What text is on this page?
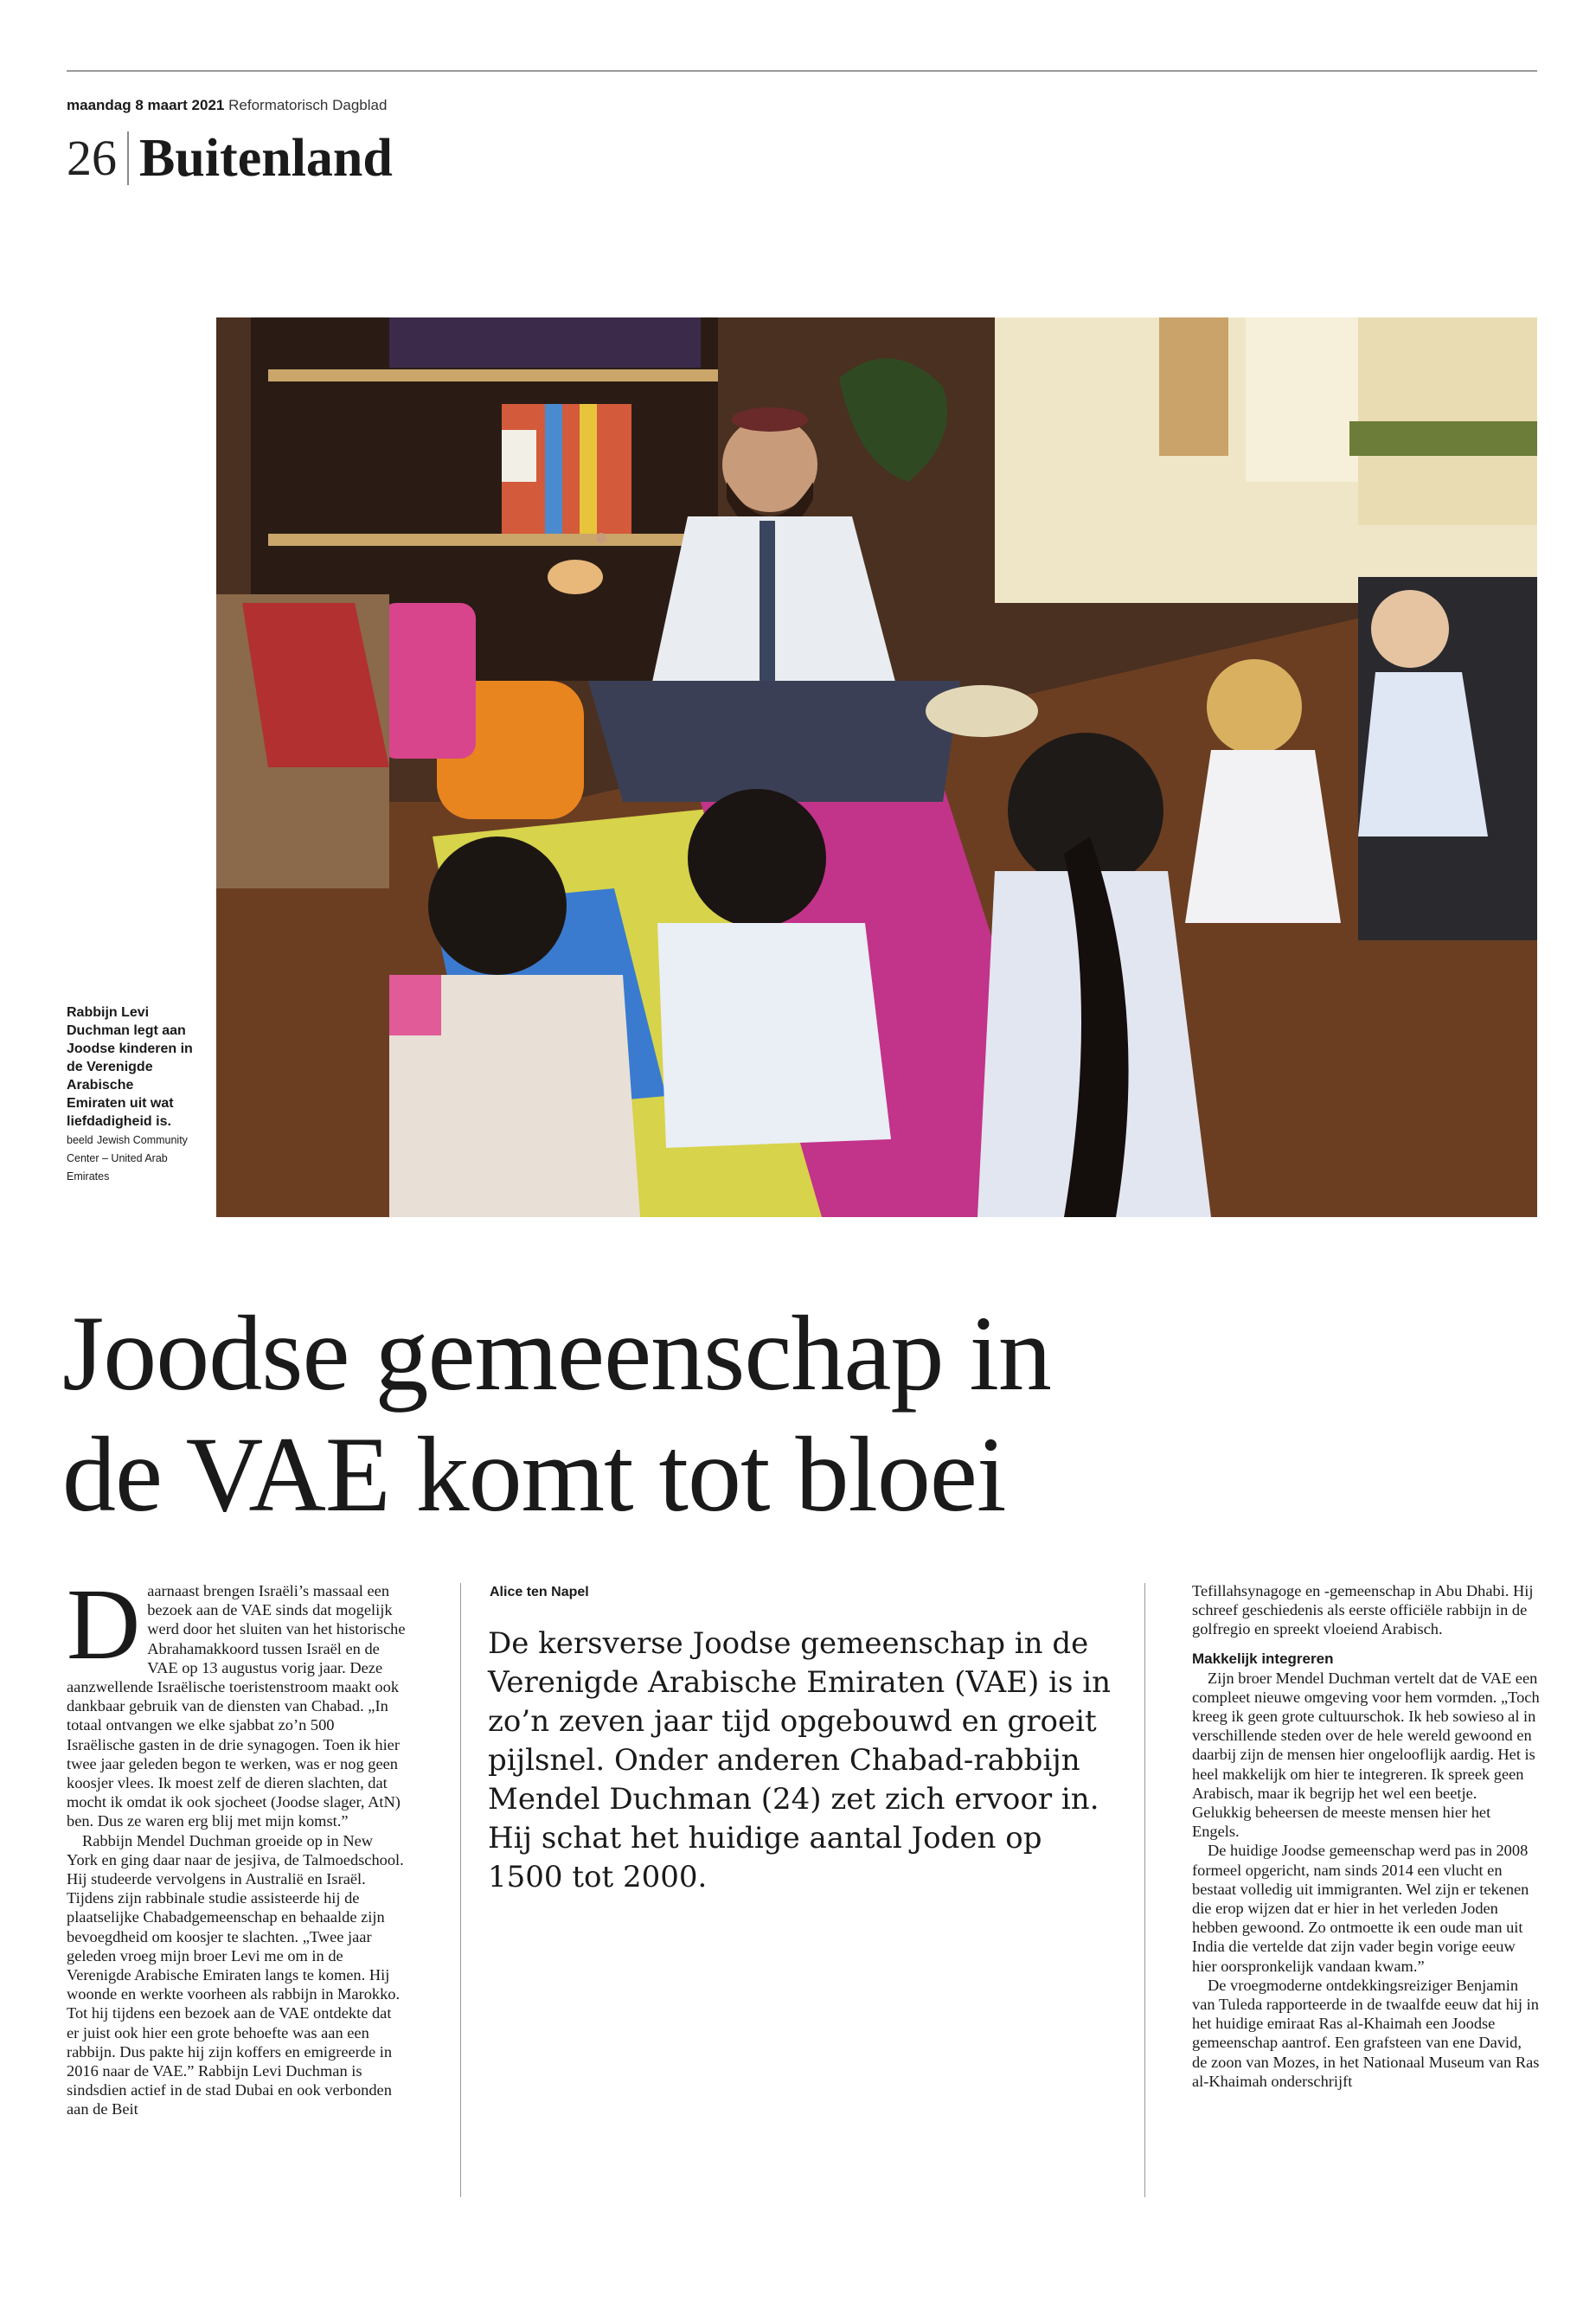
maandag 8 maart 2021 Reformatorisch Dagblad
26 Buitenland
Rabbijn Levi Duchman legt aan Joodse kinderen in de Verenigde Arabische Emiraten uit wat liefdadigheid is. beeld Jewish Community Center – United Arab Emirates
Joodse gemeenschap in
de VAE komt tot bloei
D aarnaast brengen Israëli’s massaal een bezoek aan de VAE sinds dat mogelijk werd door het sluiten van het historische Abrahamakkoord tussen Israël en de VAE op 13 augustus vorig jaar. Deze aanzwellende Israëlische toeristenstroom maakt ook dankbaar gebruik van de diensten van Chabad. „In totaal ontvangen we elke sjabbat zo’n 500 Israëlische gasten in de drie synagogen. Toen ik hier twee jaar geleden begon te werken, was er nog geen koosjer vlees. Ik moest zelf de dieren slachten, dat mocht ik omdat ik ook sjocheet (Joodse slager, AtN) ben. Dus ze waren erg blij met mijn komst.”

Rabbijn Mendel Duchman groeide op in New York en ging daar naar de jesjiva, de Talmoedschool. Hij studeerde vervolgens in Australië en Israël. Tijdens zijn rabbinale studie assisteerde hij de plaatselijke Chabadgemeenschap en behaalde zijn bevoegdheid om koosjer te slachten. „Twee jaar geleden vroeg mijn broer Levi me om in de Verenigde Arabische Emiraten langs te komen. Hij woonde en werkte voorheen als rabbijn in Marokko. Tot hij tijdens een bezoek aan de VAE ontdekte dat er juist ook hier een grote behoefte was aan een rabbijn. Dus pakte hij zijn koffers en emigreerde in 2016 naar de VAE.” Rabbijn Levi Duchman is sindsdien actief in de stad Dubai en ook verbonden aan de Beit

Alice ten Napel
De kersverse Joodse gemeenschap in de Verenigde Arabische Emiraten (VAE) is in zo’n zeven jaar tijd opgebouwd en groeit pijlsnel. Onder anderen Chabad-rabbijn Mendel Duchman (24) zet zich ervoor in. Hij schat het huidige aantal Joden op 1500 tot 2000.

Tefillahsynagoge en -gemeenschap in Abu Dhabi. Hij schreef geschiedenis als eerste officiële rabbijn in de golfregio en spreekt vloeiend Arabisch.

Makkelijk integreren

Zijn broer Mendel Duchman vertelt dat de VAE een compleet nieuwe omgeving voor hem vormden. „Toch kreeg ik geen grote cultuurschok. Ik heb sowieso al in verschillende steden over de hele wereld gewoond en daarbij zijn de mensen hier ongelooflijk aardig. Het is heel makkelijk om hier te integreren. Ik spreek geen Arabisch, maar ik begrijp het wel een beetje. Gelukkig beheersen de meeste mensen hier het Engels.

De huidige Joodse gemeenschap werd pas in 2008 formeel opgericht, nam sinds 2014 een vlucht en bestaat volledig uit immigranten. Wel zijn er tekenen die erop wijzen dat er hier in het verleden Joden hebben gewoond. Zo ontmoette ik een oude man uit India die vertelde dat zijn vader begin vorige eeuw hier oorspronkelijk vandaan kwam.”

De vroegmoderne ontdekkingsreiziger Benjamin van Tuleda rapporteerde in de twaalfde eeuw dat hij in het huidige emiraat Ras al-Khaimah een Joodse gemeenschap aantrof. Een grafsteen van ene David, de zoon van Mozes, in het Nationaal Museum van Ras al-Khaimah onderschrijft
